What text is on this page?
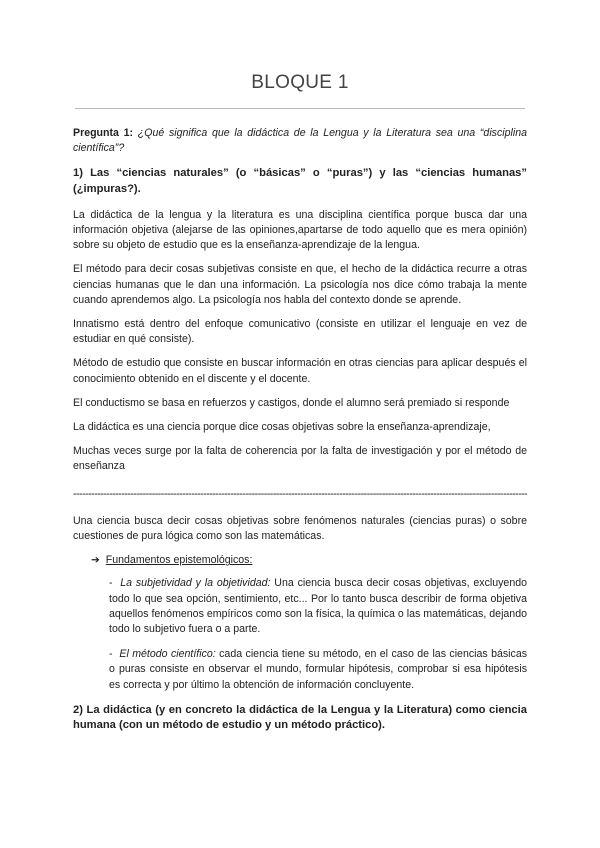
BLOQUE 1

Pregunta 1: ¿Qué significa que la didáctica de la Lengua y la Literatura sea una “disciplina científica”?

1) Las “ciencias naturales” (o “básicas” o “puras”) y las “ciencias humanas” (¿impuras?).

La didáctica de la lengua y la literatura es una disciplina científica porque busca dar una información objetiva (alejarse de las opiniones,apartarse de todo aquello que es mera opinión) sobre su objeto de estudio que es la enseñanza-aprendizaje de la lengua.

El método para decir cosas subjetivas consiste en que, el hecho de la didáctica recurre a otras ciencias humanas que le dan una información. La psicología nos dice cómo trabaja la mente cuando aprendemos algo. La psicología nos habla del contexto donde se aprende.

Innatismo está dentro del enfoque comunicativo (consiste en utilizar el lenguaje en vez de estudiar en qué consiste).

Método de estudio que consiste en buscar información en otras ciencias para aplicar después el conocimiento obtenido en el discente y el docente.

El conductismo se basa en refuerzos y castigos, donde el alumno será premiado si responde

La didáctica es una ciencia porque dice cosas objetivas sobre la enseñanza-aprendizaje,

Muchas veces surge por la falta de coherencia por la falta de investigación y por el método de enseñanza

------------------------------------------------------------------------------------------------------------------------------------------------------

Una ciencia busca decir cosas objetivas sobre fenómenos naturales (ciencias puras) o sobre cuestiones de pura lógica como son las matemáticas.

➔ Fundamentos epistemológicos:

- La subjetividad y la objetividad: Una ciencia busca decir cosas objetivas, excluyendo todo lo que sea opción, sentimiento, etc... Por lo tanto busca describir de forma objetiva aquellos fenómenos empíricos como son la física, la química o las matemáticas, dejando todo lo subjetivo fuera o a parte.

- El método científico: cada ciencia tiene su método, en el caso de las ciencias básicas o puras consiste en observar el mundo, formular hipótesis, comprobar si esa hipótesis es correcta y por último la obtención de información concluyente.

2) La didáctica (y en concreto la didáctica de la Lengua y la Literatura) como ciencia humana (con un método de estudio y un método práctico).
